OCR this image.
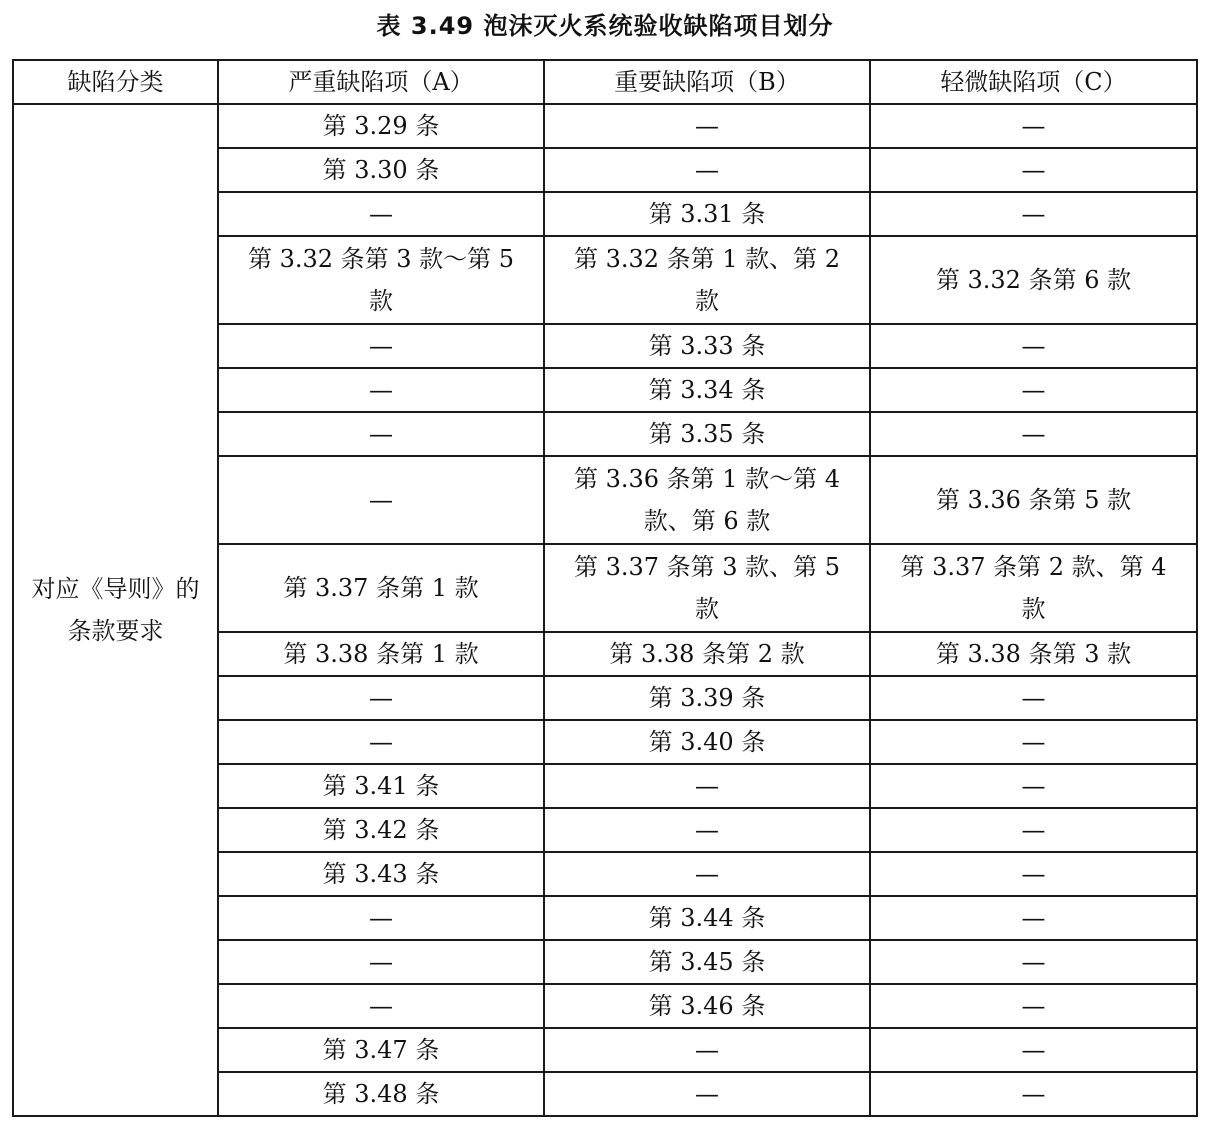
表 3.49 泡沫灭火系统验收缺陷项目划分
缺陷分类	严重缺陷项（A）	重要缺陷项（B）	轻微缺陷项（C）
对应《导则》的条款要求	第 3.29 条	—	—
	第 3.30 条	—	—
	—	第 3.31 条	—
	第 3.32 条第 3 款～第 5 款	第 3.32 条第 1 款、第 2 款	第 3.32 条第 6 款
	—	第 3.33 条	—
	—	第 3.34 条	—
	—	第 3.35 条	—
	—	第 3.36 条第 1 款～第 4 款、第 6 款	第 3.36 条第 5 款
	第 3.37 条第 1 款	第 3.37 条第 3 款、第 5 款	第 3.37 条第 2 款、第 4 款
	第 3.38 条第 1 款	第 3.38 条第 2 款	第 3.38 条第 3 款
	—	第 3.39 条	—
	—	第 3.40 条	—
	第 3.41 条	—	—
	第 3.42 条	—	—
	第 3.43 条	—	—
	—	第 3.44 条	—
	—	第 3.45 条	—
	—	第 3.46 条	—
	第 3.47 条	—	—
	第 3.48 条	—	—
